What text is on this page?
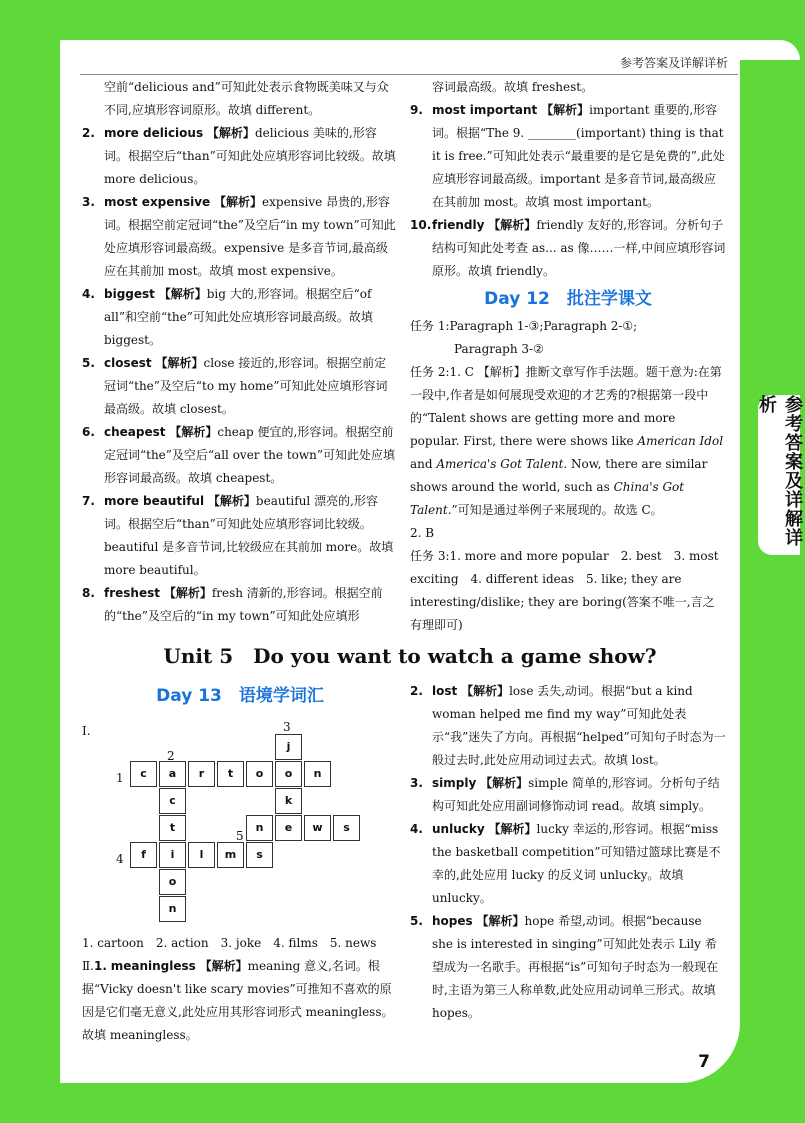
参考答案及详解详析
参考答案及详解详析

空前“delicious and”可知此处表示食物既美味又与众不同,应填形容词原形。故填 different。

2. more delicious 【解析】delicious 美味的,形容词。根据空后“than”可知此处应填形容词比较级。故填 more delicious。

3. most expensive 【解析】expensive 昂贵的,形容词。根据空前定冠词“the”及空后“in my town”可知此处应填形容词最高级。expensive 是多音节词,最高级应在其前加 most。故填 most expensive。

4. biggest 【解析】big 大的,形容词。根据空后“of all”和空前“the”可知此处应填形容词最高级。故填 biggest。

5. closest 【解析】close 接近的,形容词。根据空前定冠词“the”及空后“to my home”可知此处应填形容词最高级。故填 closest。

6. cheapest 【解析】cheap 便宜的,形容词。根据空前定冠词“the”及空后“all over the town”可知此处应填形容词最高级。故填 cheapest。

7. more beautiful 【解析】beautiful 漂亮的,形容词。根据空后“than”可知此处应填形容词比较级。beautiful 是多音节词,比较级应在其前加 more。故填 more beautiful。

8. freshest 【解析】fresh 清新的,形容词。根据空前的“the”及空后的“in my town”可知此处应填形

容词最高级。故填 freshest。

9. most important 【解析】important 重要的,形容词。根据“The 9. ________(important) thing is that it is free.”可知此处表示“最重要的是它是免费的”,此处应填形容词最高级。important 是多音节词,最高级应在其前加 most。故填 most important。

10. friendly 【解析】friendly 友好的,形容词。分析句子结构可知此处考查 as... as 像……一样,中间应填形容词原形。故填 friendly。

Day 12　批注学课文

任务 1:Paragraph 1-③;Paragraph 2-①;

Paragraph 3-②

任务 2:1. C 【解析】推断文章写作手法题。题干意为:在第一段中,作者是如何展现受欢迎的才艺秀的?根据第一段中的“Talent shows are getting more and more popular. First, there were shows like American Idol and America's Got Talent. Now, there are similar shows around the world, such as China's Got Talent.”可知是通过举例子来展现的。故选 C。

2. B

任务 3:1. more and more popular　2. best　3. most exciting　4. different ideas　5. like; they are interesting/dislike; they are boring(答案不唯一,言之有理即可)

Unit 5　Do you want to watch a game show?
Day 13　语境学词汇
Ⅰ.
j
o
k
c	a	r	t	o	n
c
t
i
o
n
n	e	w	s
f	l	m	s
1
2
3
4
5

1. cartoon　2. action　3. joke　4. films　5. news

Ⅱ.1. meaningless 【解析】meaning 意义,名词。根据“Vicky doesn't like scary movies”可推知不喜欢的原因是它们毫无意义,此处应用其形容词形式 meaningless。故填 meaningless。

2. lost 【解析】lose 丢失,动词。根据“but a kind woman helped me find my way”可知此处表示“我”迷失了方向。再根据“helped”可知句子时态为一般过去时,此处应用动词过去式。故填 lost。

3. simply 【解析】simple 简单的,形容词。分析句子结构可知此处应用副词修饰动词 read。故填 simply。

4. unlucky 【解析】lucky 幸运的,形容词。根据“miss the basketball competition”可知错过篮球比赛是不幸的,此处应用 lucky 的反义词 unlucky。故填 unlucky。

5. hopes 【解析】hope 希望,动词。根据“because she is interested in singing”可知此处表示 Lily 希望成为一名歌手。再根据“is”可知句子时态为一般现在时,主语为第三人称单数,此处应用动词单三形式。故填 hopes。

7
